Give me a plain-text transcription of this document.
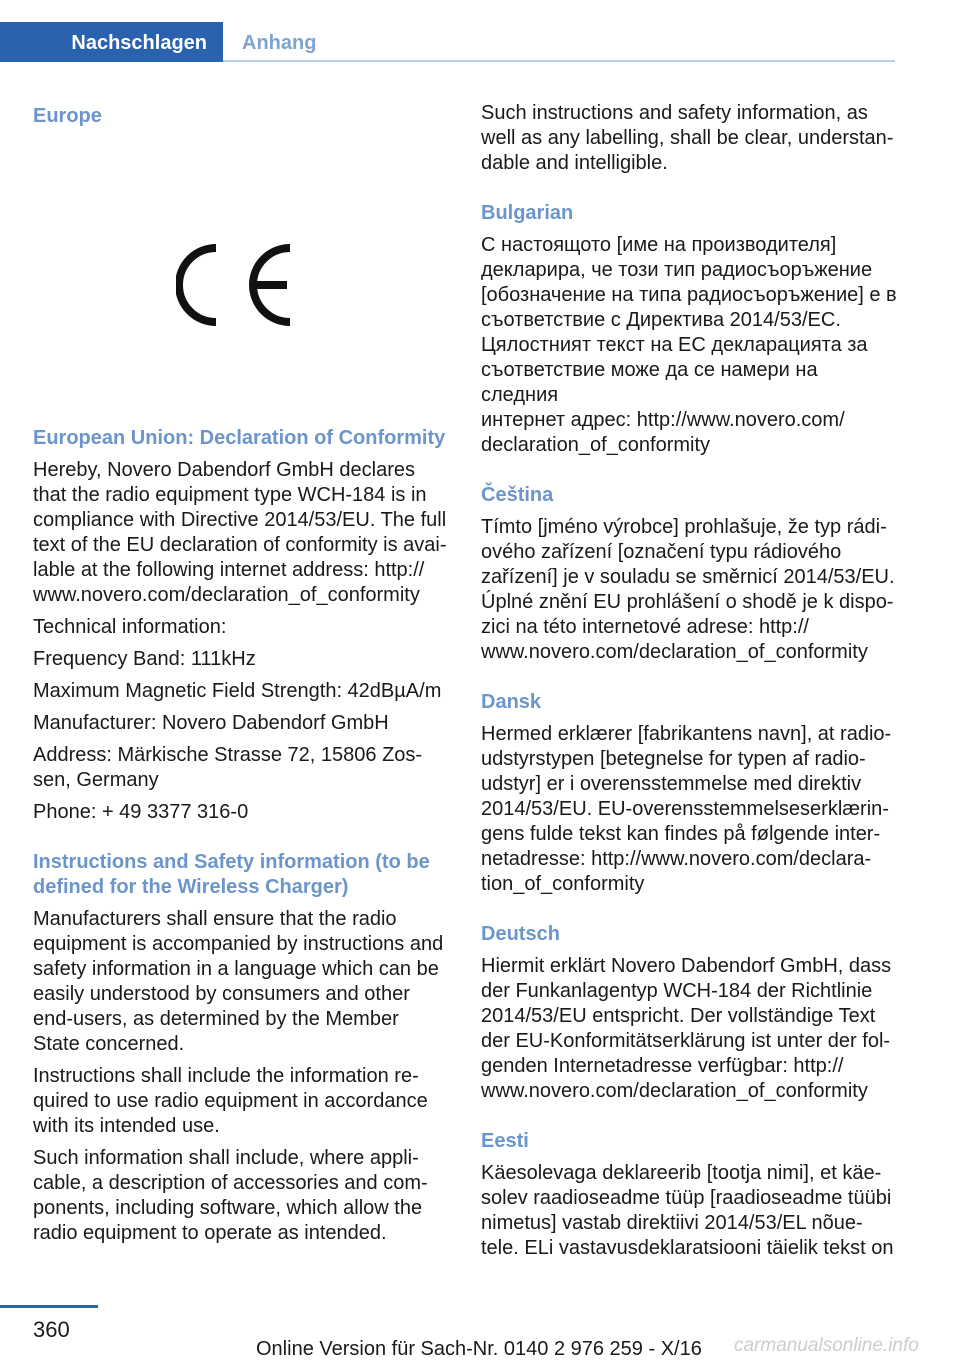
Nachschlagen	Anhang
Europe
European Union: Declaration of Conformity
Hereby, Novero Dabendorf GmbH declares
that the radio equipment type WCH-184 is in
compliance with Directive 2014/53/EU. The full
text of the EU declaration of conformity is avai-
lable at the following internet address: http://
www.novero.com/declaration_of_conformity
Technical information:
Frequency Band: 111kHz
Maximum Magnetic Field Strength: 42dBµA/m
Manufacturer: Novero Dabendorf GmbH
Address: Märkische Strasse 72, 15806 Zos-
sen, Germany
Phone: + 49 3377 316-0
Instructions and Safety information (to be
defined for the Wireless Charger)
Manufacturers shall ensure that the radio
equipment is accompanied by instructions and
safety information in a language which can be
easily understood by consumers and other
end-users, as determined by the Member
State concerned.
Instructions shall include the information re-
quired to use radio equipment in accordance
with its intended use.
Such information shall include, where appli-
cable, a description of accessories and com-
ponents, including software, which allow the
radio equipment to operate as intended.
Such instructions and safety information, as
well as any labelling, shall be clear, understan-
dable and intelligible.
Bulgarian
С настоящото [име на производителя]
декларира, че този тип радиосъоръжение
[обозначение на типа радиосъоръжение] е в
съответствие с Директива 2014/53/ЕС.
Цялостният текст на ЕС декларацията за
съответствие може да се намери на следния
интернет адрес: http://www.novero.com/
declaration_of_conformity
Čeština
Tímto [jméno výrobce] prohlašuje, že typ rádi-
ového zařízení [označení typu rádiového
zařízení] je v souladu se směrnicí 2014/53/EU.
Úplné znění EU prohlášení o shodě je k dispo-
zici na této internetové adrese: http://
www.novero.com/declaration_of_conformity
Dansk
Hermed erklærer [fabrikantens navn], at radio-
udstyrstypen [betegnelse for typen af radio-
udstyr] er i overensstemmelse med direktiv
2014/53/EU. EU-overensstemmelseserklærin-
gens fulde tekst kan findes på følgende inter-
netadresse: http://www.novero.com/declara-
tion_of_conformity
Deutsch
Hiermit erklärt Novero Dabendorf GmbH, dass
der Funkanlagentyp WCH-184 der Richtlinie
2014/53/EU entspricht. Der vollständige Text
der EU-Konformitätserklärung ist unter der fol-
genden Internetadresse verfügbar: http://
www.novero.com/declaration_of_conformity
Eesti
Käesolevaga deklareerib [tootja nimi], et käe-
solev raadioseadme tüüp [raadioseadme tüübi
nimetus] vastab direktiivi 2014/53/EL nõue-
tele. ELi vastavusdeklaratsiooni täielik tekst on
360
Online Version für Sach-Nr. 0140 2 976 259 - X/16 carmanualsonline.info
